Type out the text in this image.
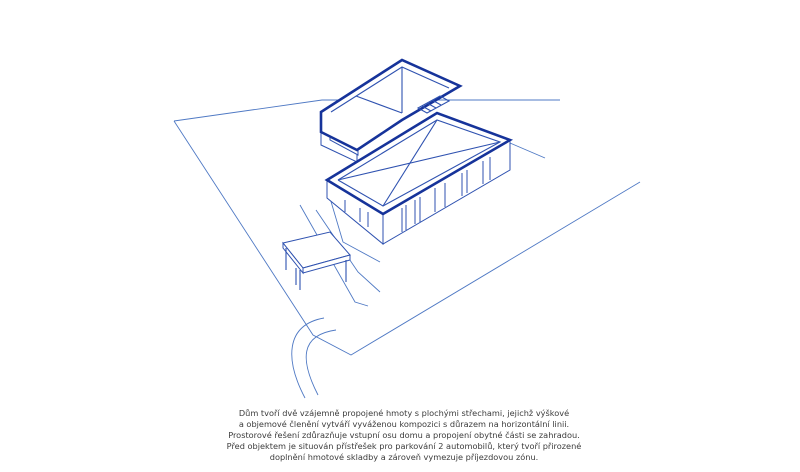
Dům tvoří dvě vzájemně propojené hmoty s plochými střechami, jejichž výškové
a objemové členění vytváří vyváženou kompozici s důrazem na horizontální linii.
Prostorové řešení zdůrazňuje vstupní osu domu a propojení obytné části se zahradou.
Před objektem je situován přístřešek pro parkování 2 automobilů, který tvoří přirozené
doplnění hmotové skladby a zároveň vymezuje příjezdovou zónu.
